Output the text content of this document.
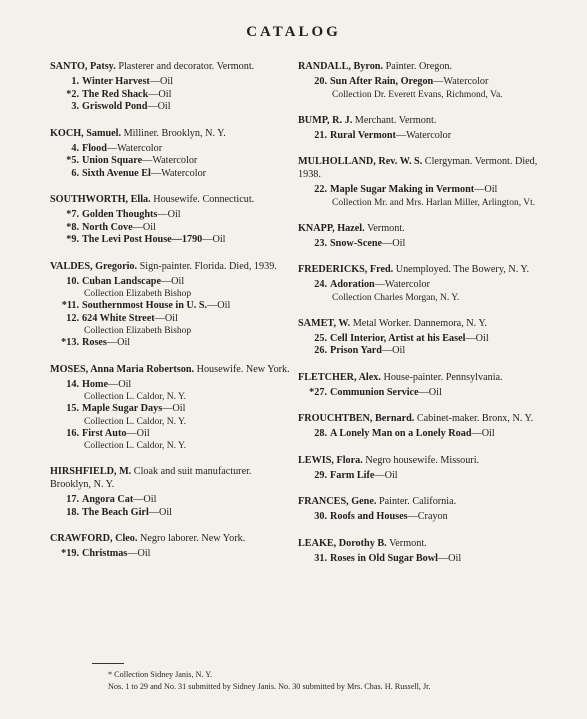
CATALOG
SANTO, Patsy. Plasterer and decorator. Vermont.
1. Winter Harvest—Oil
*2. The Red Shack—Oil
3. Griswold Pond—Oil
KOCH, Samuel. Milliner. Brooklyn, N. Y.
4. Flood—Watercolor
*5. Union Square—Watercolor
6. Sixth Avenue El—Watercolor
SOUTHWORTH, Ella. Housewife. Connecticut.
*7. Golden Thoughts—Oil
*8. North Cove—Oil
*9. The Levi Post House—1790—Oil
VALDES, Gregorio. Sign-painter. Florida. Died, 1939.
10. Cuban Landscape—Oil
Collection Elizabeth Bishop
*11. Southernmost House in U. S.—Oil
12. 624 White Street—Oil
Collection Elizabeth Bishop
*13. Roses—Oil
MOSES, Anna Maria Robertson. Housewife. New York.
14. Home—Oil
Collection L. Caldor, N. Y.
15. Maple Sugar Days—Oil
Collection L. Caldor, N. Y.
16. First Auto—Oil
Collection L. Caldor, N. Y.
HIRSHFIELD, M. Cloak and suit manufacturer. Brooklyn, N. Y.
17. Angora Cat—Oil
18. The Beach Girl—Oil
CRAWFORD, Cleo. Negro laborer. New York.
*19. Christmas—Oil
RANDALL, Byron. Painter. Oregon.
20. Sun After Rain, Oregon—Watercolor
Collection Dr. Everett Evans, Richmond, Va.
BUMP, R. J. Merchant. Vermont.
21. Rural Vermont—Watercolor
MULHOLLAND, Rev. W. S. Clergyman. Vermont. Died, 1938.
22. Maple Sugar Making in Vermont—Oil
Collection Mr. and Mrs. Harlan Miller, Arlington, Vt.
KNAPP, Hazel. Vermont.
23. Snow-Scene—Oil
FREDERICKS, Fred. Unemployed. The Bowery, N. Y.
24. Adoration—Watercolor
Collection Charles Morgan, N. Y.
SAMET, W. Metal Worker. Dannemora, N. Y.
25. Cell Interior, Artist at his Easel—Oil
26. Prison Yard—Oil
FLETCHER, Alex. House-painter. Pennsylvania.
*27. Communion Service—Oil
FROUCHTBEN, Bernard. Cabinet-maker. Bronx, N. Y.
28. A Lonely Man on a Lonely Road—Oil
LEWIS, Flora. Negro housewife. Missouri.
29. Farm Life—Oil
FRANCES, Gene. Painter. California.
30. Roofs and Houses—Crayon
LEAKE, Dorothy B. Vermont.
31. Roses in Old Sugar Bowl—Oil
* Collection Sidney Janis, N. Y.
Nos. 1 to 29 and No. 31 submitted by Sidney Janis. No. 30 submitted by Mrs. Chas. H. Russell, Jr.
